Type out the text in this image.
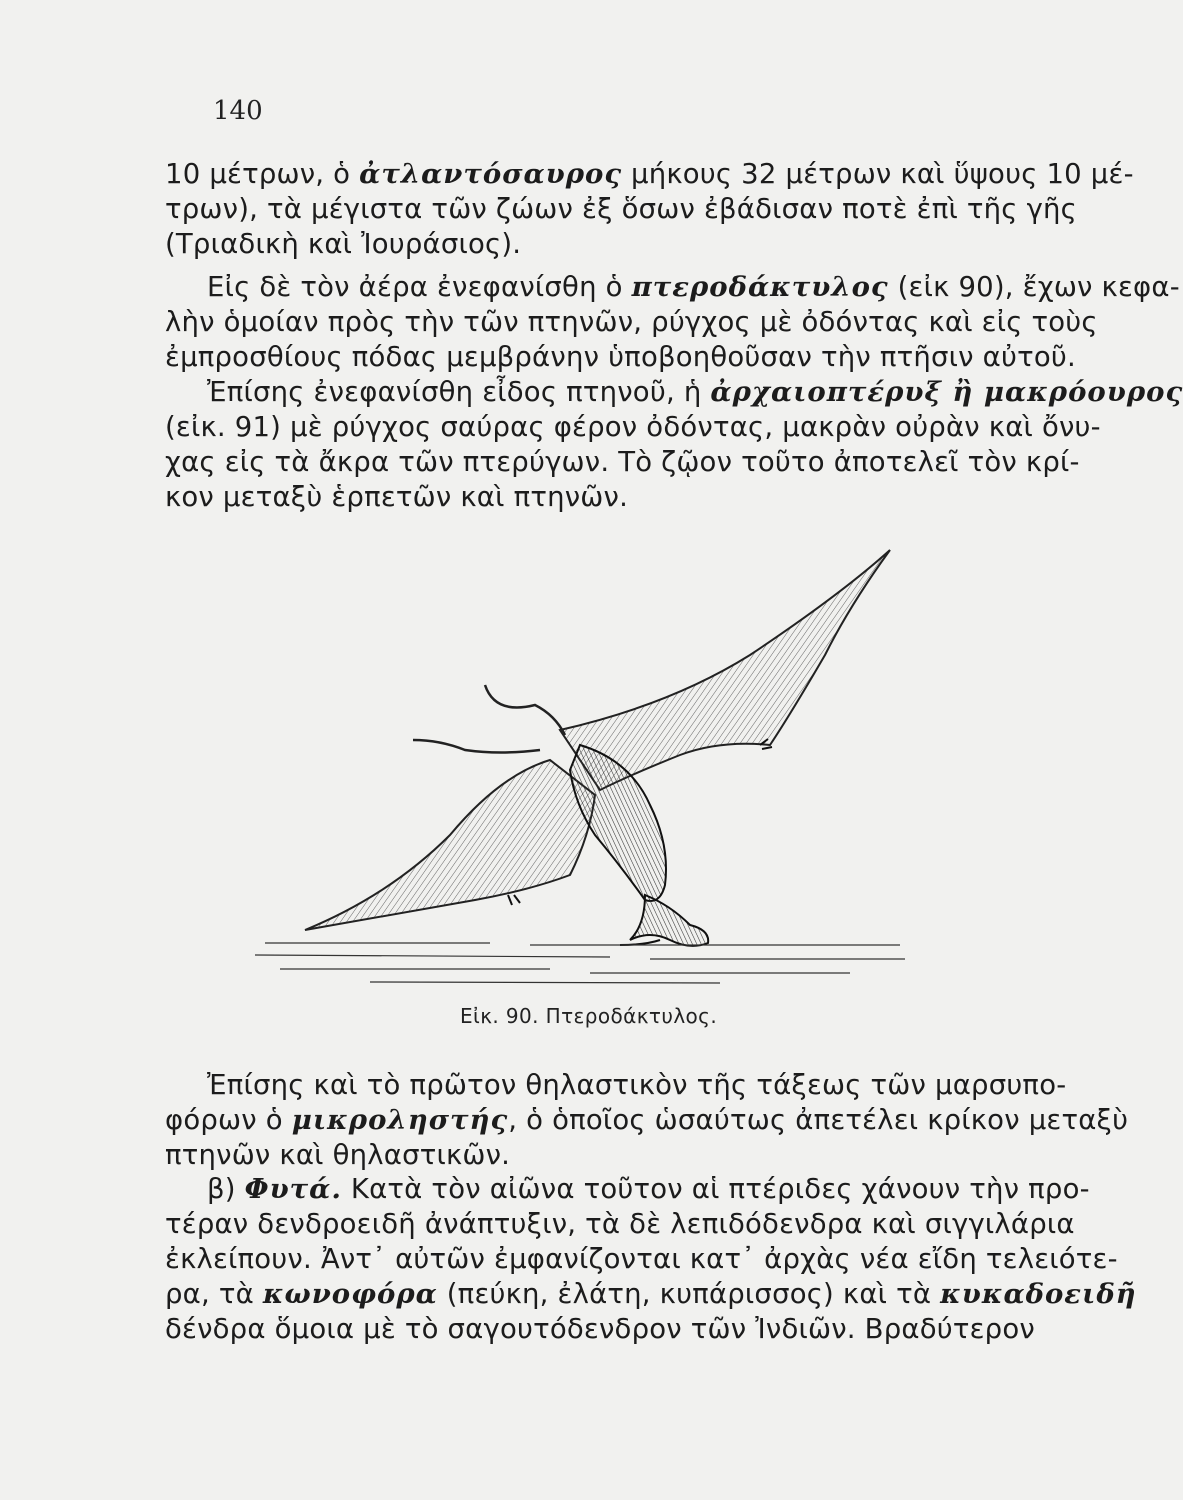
140
10 μέτρων, ὁ ἀτλαντόσαυρος μήκους 32 μέτρων καὶ ὕψους 10 μέ-
τρων), τὰ μέγιστα τῶν ζώων ἐξ ὅσων ἐβάδισαν ποτὲ ἐπὶ τῆς γῆς
(Τριαδικὴ καὶ Ἰουράσιος).
Εἰς δὲ τὸν ἀέρα ἐνεφανίσθη ὁ πτεροδάκτυλος (εἰκ 90), ἔχων κεφα-
λὴν ὁμοίαν πρὸς τὴν τῶν πτηνῶν, ρύγχος μὲ ὀδόντας καὶ εἰς τοὺς
ἐμπροσθίους πόδας μεμβράνην ὑποβοηθοῦσαν τὴν πτῆσιν αὐτοῦ.
Ἐπίσης ἐνεφανίσθη εἶδος πτηνοῦ, ἡ ἀρχαιοπτέρυξ ἢ μακρόουρος
(εἰκ. 91) μὲ ρύγχος σαύρας φέρον ὀδόντας, μακρὰν οὐρὰν καὶ ὄνυ-
χας εἰς τὰ ἄκρα τῶν πτερύγων. Τὸ ζῷον τοῦτο ἀποτελεῖ τὸν κρί-
κον μεταξὺ ἑρπετῶν καὶ πτηνῶν.
Εἰκ. 90. Πτεροδάκτυλος.
Ἐπίσης καὶ τὸ πρῶτον θηλαστικὸν τῆς τάξεως τῶν μαρσυπο-
φόρων ὁ μικροληστής, ὁ ὁποῖος ὡσαύτως ἀπετέλει κρίκον μεταξὺ
πτηνῶν καὶ θηλαστικῶν.
β) Φυτά. Κατὰ τὸν αἰῶνα τοῦτον αἱ πτέριδες χάνουν τὴν προ-
τέραν δενδροειδῆ ἀνάπτυξιν, τὰ δὲ λεπιδόδενδρα καὶ σιγγιλάρια
ἐκλείπουν. Ἀντ᾿ αὐτῶν ἐμφανίζονται κατ᾿ ἀρχὰς νέα εἴδη τελειότε-
ρα, τὰ κωνοφόρα (πεύκη, ἐλάτη, κυπάρισσος) καὶ τὰ κυκαδοειδῆ
δένδρα ὅμοια μὲ τὸ σαγουτόδενδρον τῶν Ἰνδιῶν. Βραδύτερον
